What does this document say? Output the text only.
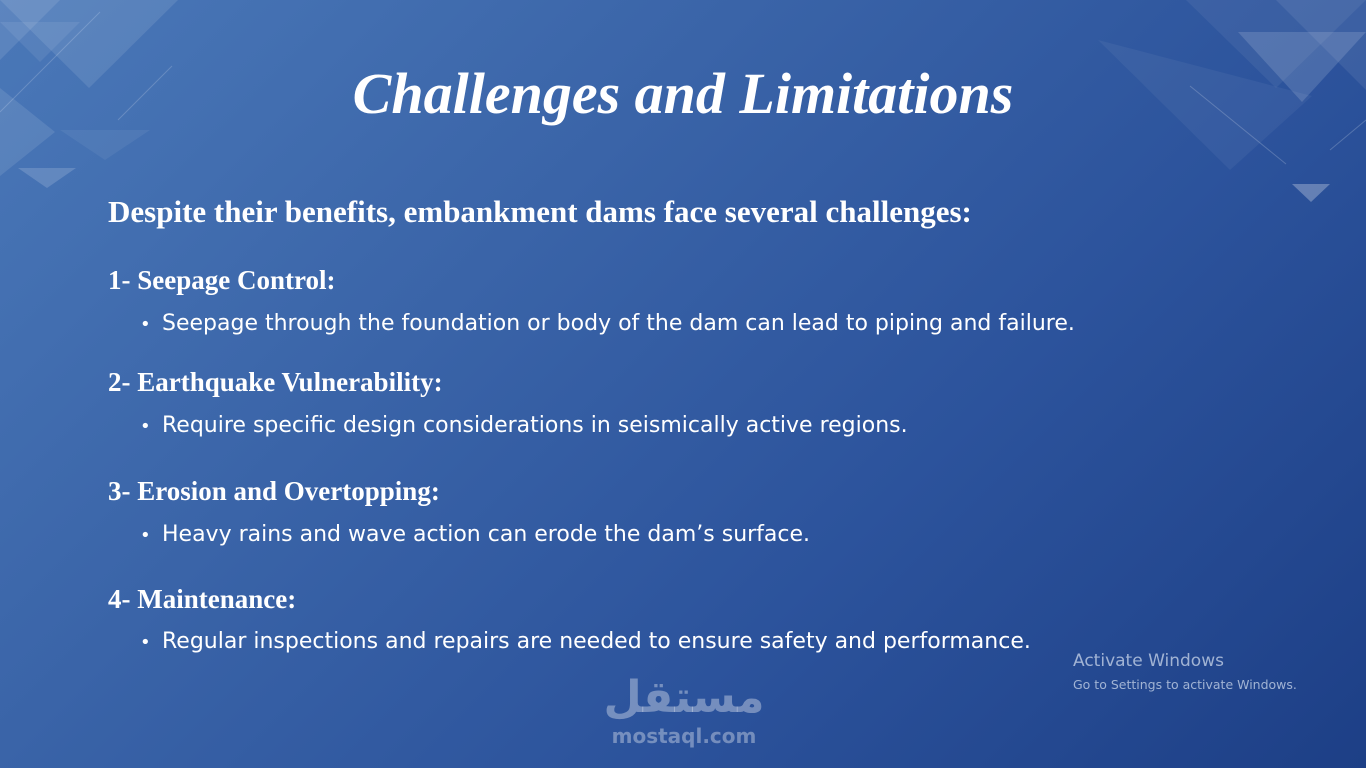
Challenges and Limitations
Despite their benefits, embankment dams face several challenges:
1- Seepage Control:
• Seepage through the foundation or body of the dam can lead to piping and failure.
2- Earthquake Vulnerability:
• Require specific design considerations in seismically active regions.
3- Erosion and Overtopping:
• Heavy rains and wave action can erode the dam’s surface.
4- Maintenance:
• Regular inspections and repairs are needed to ensure safety and performance.
Activate Windows
Go to Settings to activate Windows.
مستقل
mostaql.com
